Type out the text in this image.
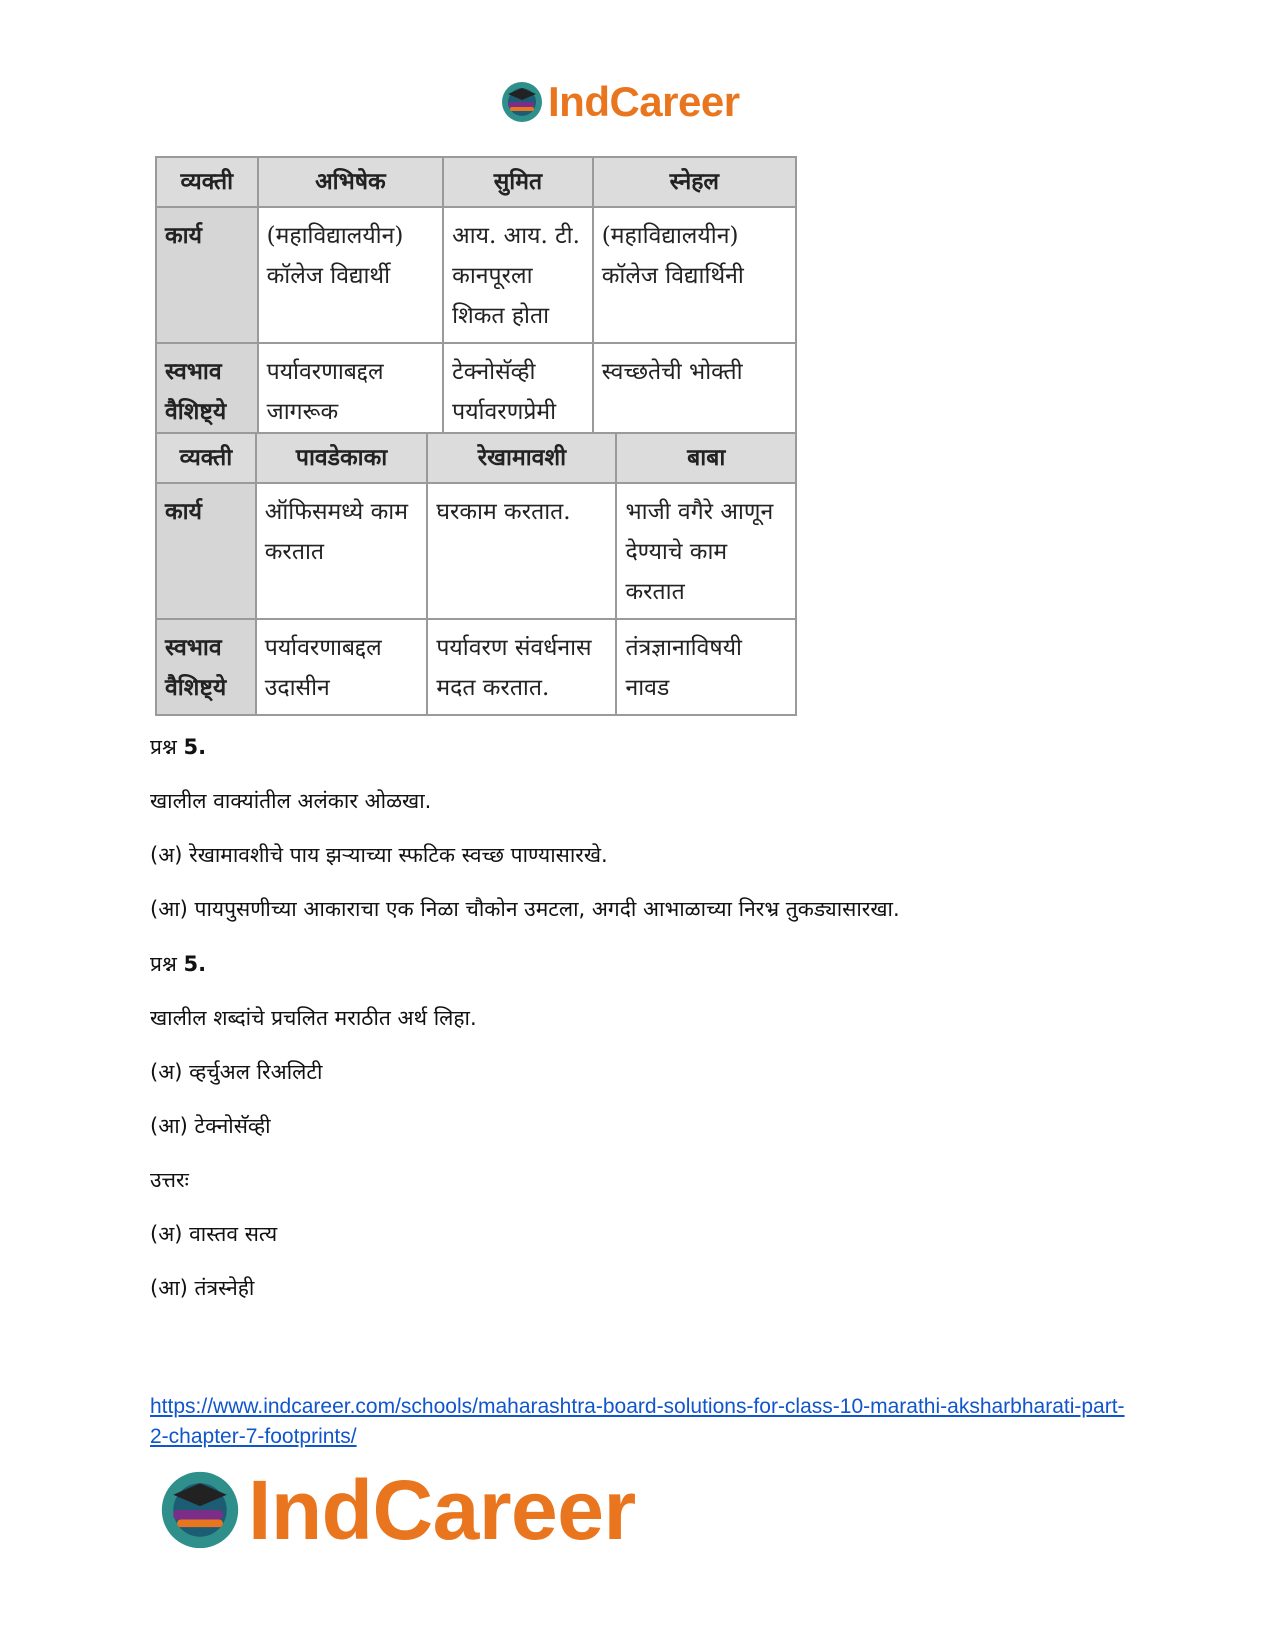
IndCareer
व्यक्ती	अभिषेक	सुमित	स्नेहल
कार्य	(महाविद्यालयीन) कॉलेज विद्यार्थी	आय. आय. टी. कानपूरला शिकत होता	(महाविद्यालयीन) कॉलेज विद्यार्थिनी
स्वभाव वैशिष्ट्ये	पर्यावरणाबद्दल जागरूक	टेक्नोसॅव्ही पर्यावरणप्रेमी	स्वच्छतेची भोक्ती
व्यक्ती	पावडेकाका	रेखामावशी	बाबा
कार्य	ऑफिसमध्ये काम करतात	घरकाम करतात.	भाजी वगैरे आणून देण्याचे काम करतात
स्वभाव वैशिष्ट्ये	पर्यावरणाबद्दल उदासीन	पर्यावरण संवर्धनास मदत करतात.	तंत्रज्ञानाविषयी नावड
प्रश्न 5.
खालील वाक्यांतील अलंकार ओळखा.
(अ) रेखामावशीचे पाय झऱ्याच्या स्फटिक स्वच्छ पाण्यासारखे.
(आ) पायपुसणीच्या आकाराचा एक निळा चौकोन उमटला, अगदी आभाळाच्या निरभ्र तुकड्यासारखा.
प्रश्न 5.
खालील शब्दांचे प्रचलित मराठीत अर्थ लिहा.
(अ) व्हर्चुअल रिअलिटी
(आ) टेक्नोसॅव्ही
उत्तरः
(अ) वास्तव सत्य
(आ) तंत्रस्नेही
https://www.indcareer.com/schools/maharashtra-board-solutions-for-class-10-marathi-aksharbharati-part-2-chapter-7-footprints/
IndCareer
